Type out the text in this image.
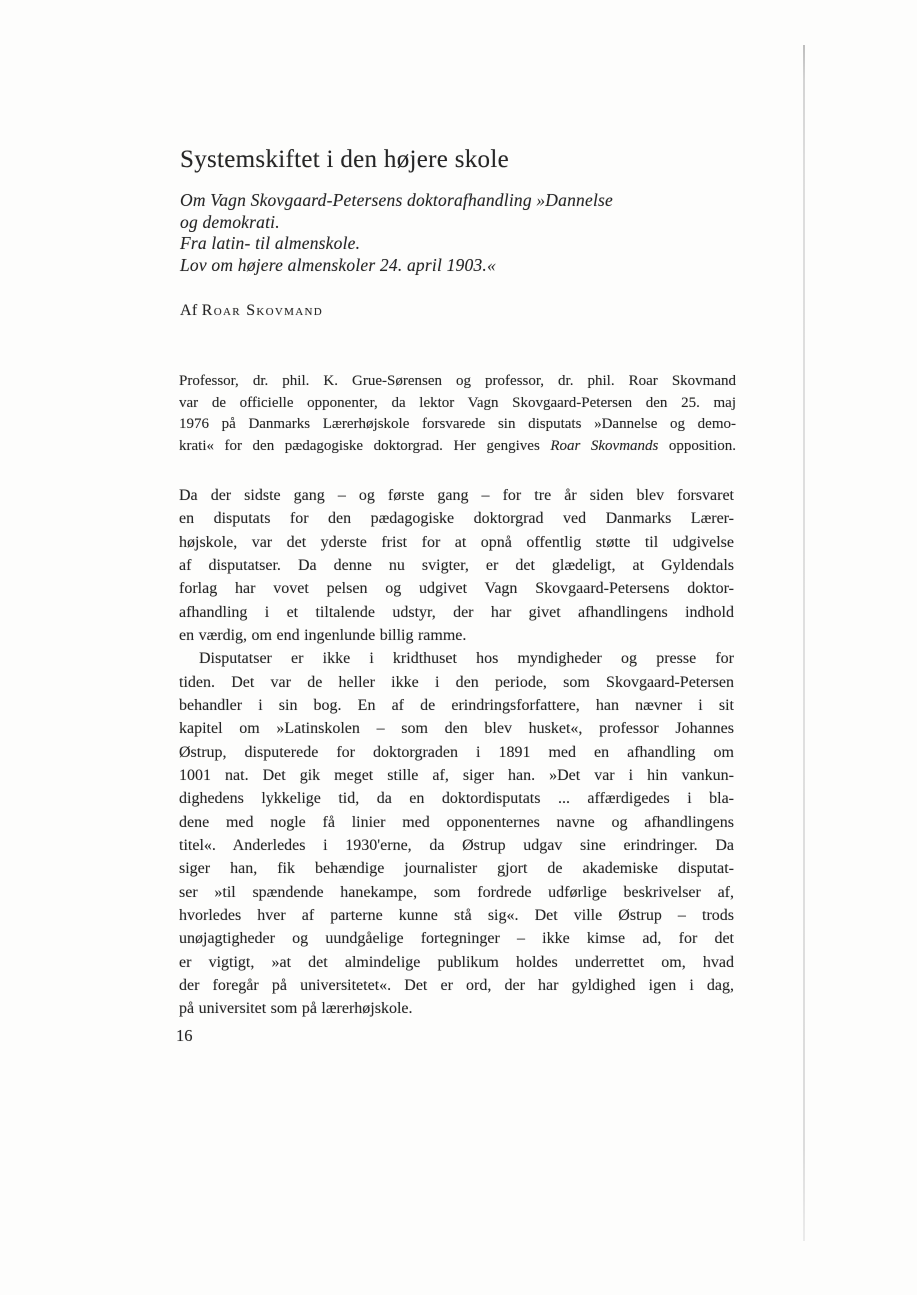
Systemskiftet i den højere skole
Om Vagn Skovgaard-Petersens doktorafhandling »Dannelse
og demokrati.
Fra latin- til almenskole.
Lov om højere almenskoler 24. april 1903.«
Af Roar Skovmand
Professor, dr. phil. K. Grue-Sørensen og professor, dr. phil. Roar Skovmand
var de officielle opponenter, da lektor Vagn Skovgaard-Petersen den 25. maj
1976 på Danmarks Lærerhøjskole forsvarede sin disputats »Dannelse og demo-
krati« for den pædagogiske doktorgrad. Her gengives Roar Skovmands opposition.
Da der sidste gang – og første gang – for tre år siden blev forsvaret
en disputats for den pædagogiske doktorgrad ved Danmarks Lærer-
højskole, var det yderste frist for at opnå offentlig støtte til udgivelse
af disputatser. Da denne nu svigter, er det glædeligt, at Gyldendals
forlag har vovet pelsen og udgivet Vagn Skovgaard-Petersens doktor-
afhandling i et tiltalende udstyr, der har givet afhandlingens indhold
en værdig, om end ingenlunde billig ramme.
Disputatser er ikke i kridthuset hos myndigheder og presse for
tiden. Det var de heller ikke i den periode, som Skovgaard-Petersen
behandler i sin bog. En af de erindringsforfattere, han nævner i sit
kapitel om »Latinskolen – som den blev husket«, professor Johannes
Østrup, disputerede for doktorgraden i 1891 med en afhandling om
1001 nat. Det gik meget stille af, siger han. »Det var i hin vankun-
dighedens lykkelige tid, da en doktordisputats ... affærdigedes i bla-
dene med nogle få linier med opponenternes navne og afhandlingens
titel«. Anderledes i 1930'erne, da Østrup udgav sine erindringer. Da
siger han, fik behændige journalister gjort de akademiske disputat-
ser »til spændende hanekampe, som fordrede udførlige beskrivelser af,
hvorledes hver af parterne kunne stå sig«. Det ville Østrup – trods
unøjagtigheder og uundgåelige fortegninger – ikke kimse ad, for det
er vigtigt, »at det almindelige publikum holdes underrettet om, hvad
der foregår på universitetet«. Det er ord, der har gyldighed igen i dag,
på universitet som på lærerhøjskole.
16
